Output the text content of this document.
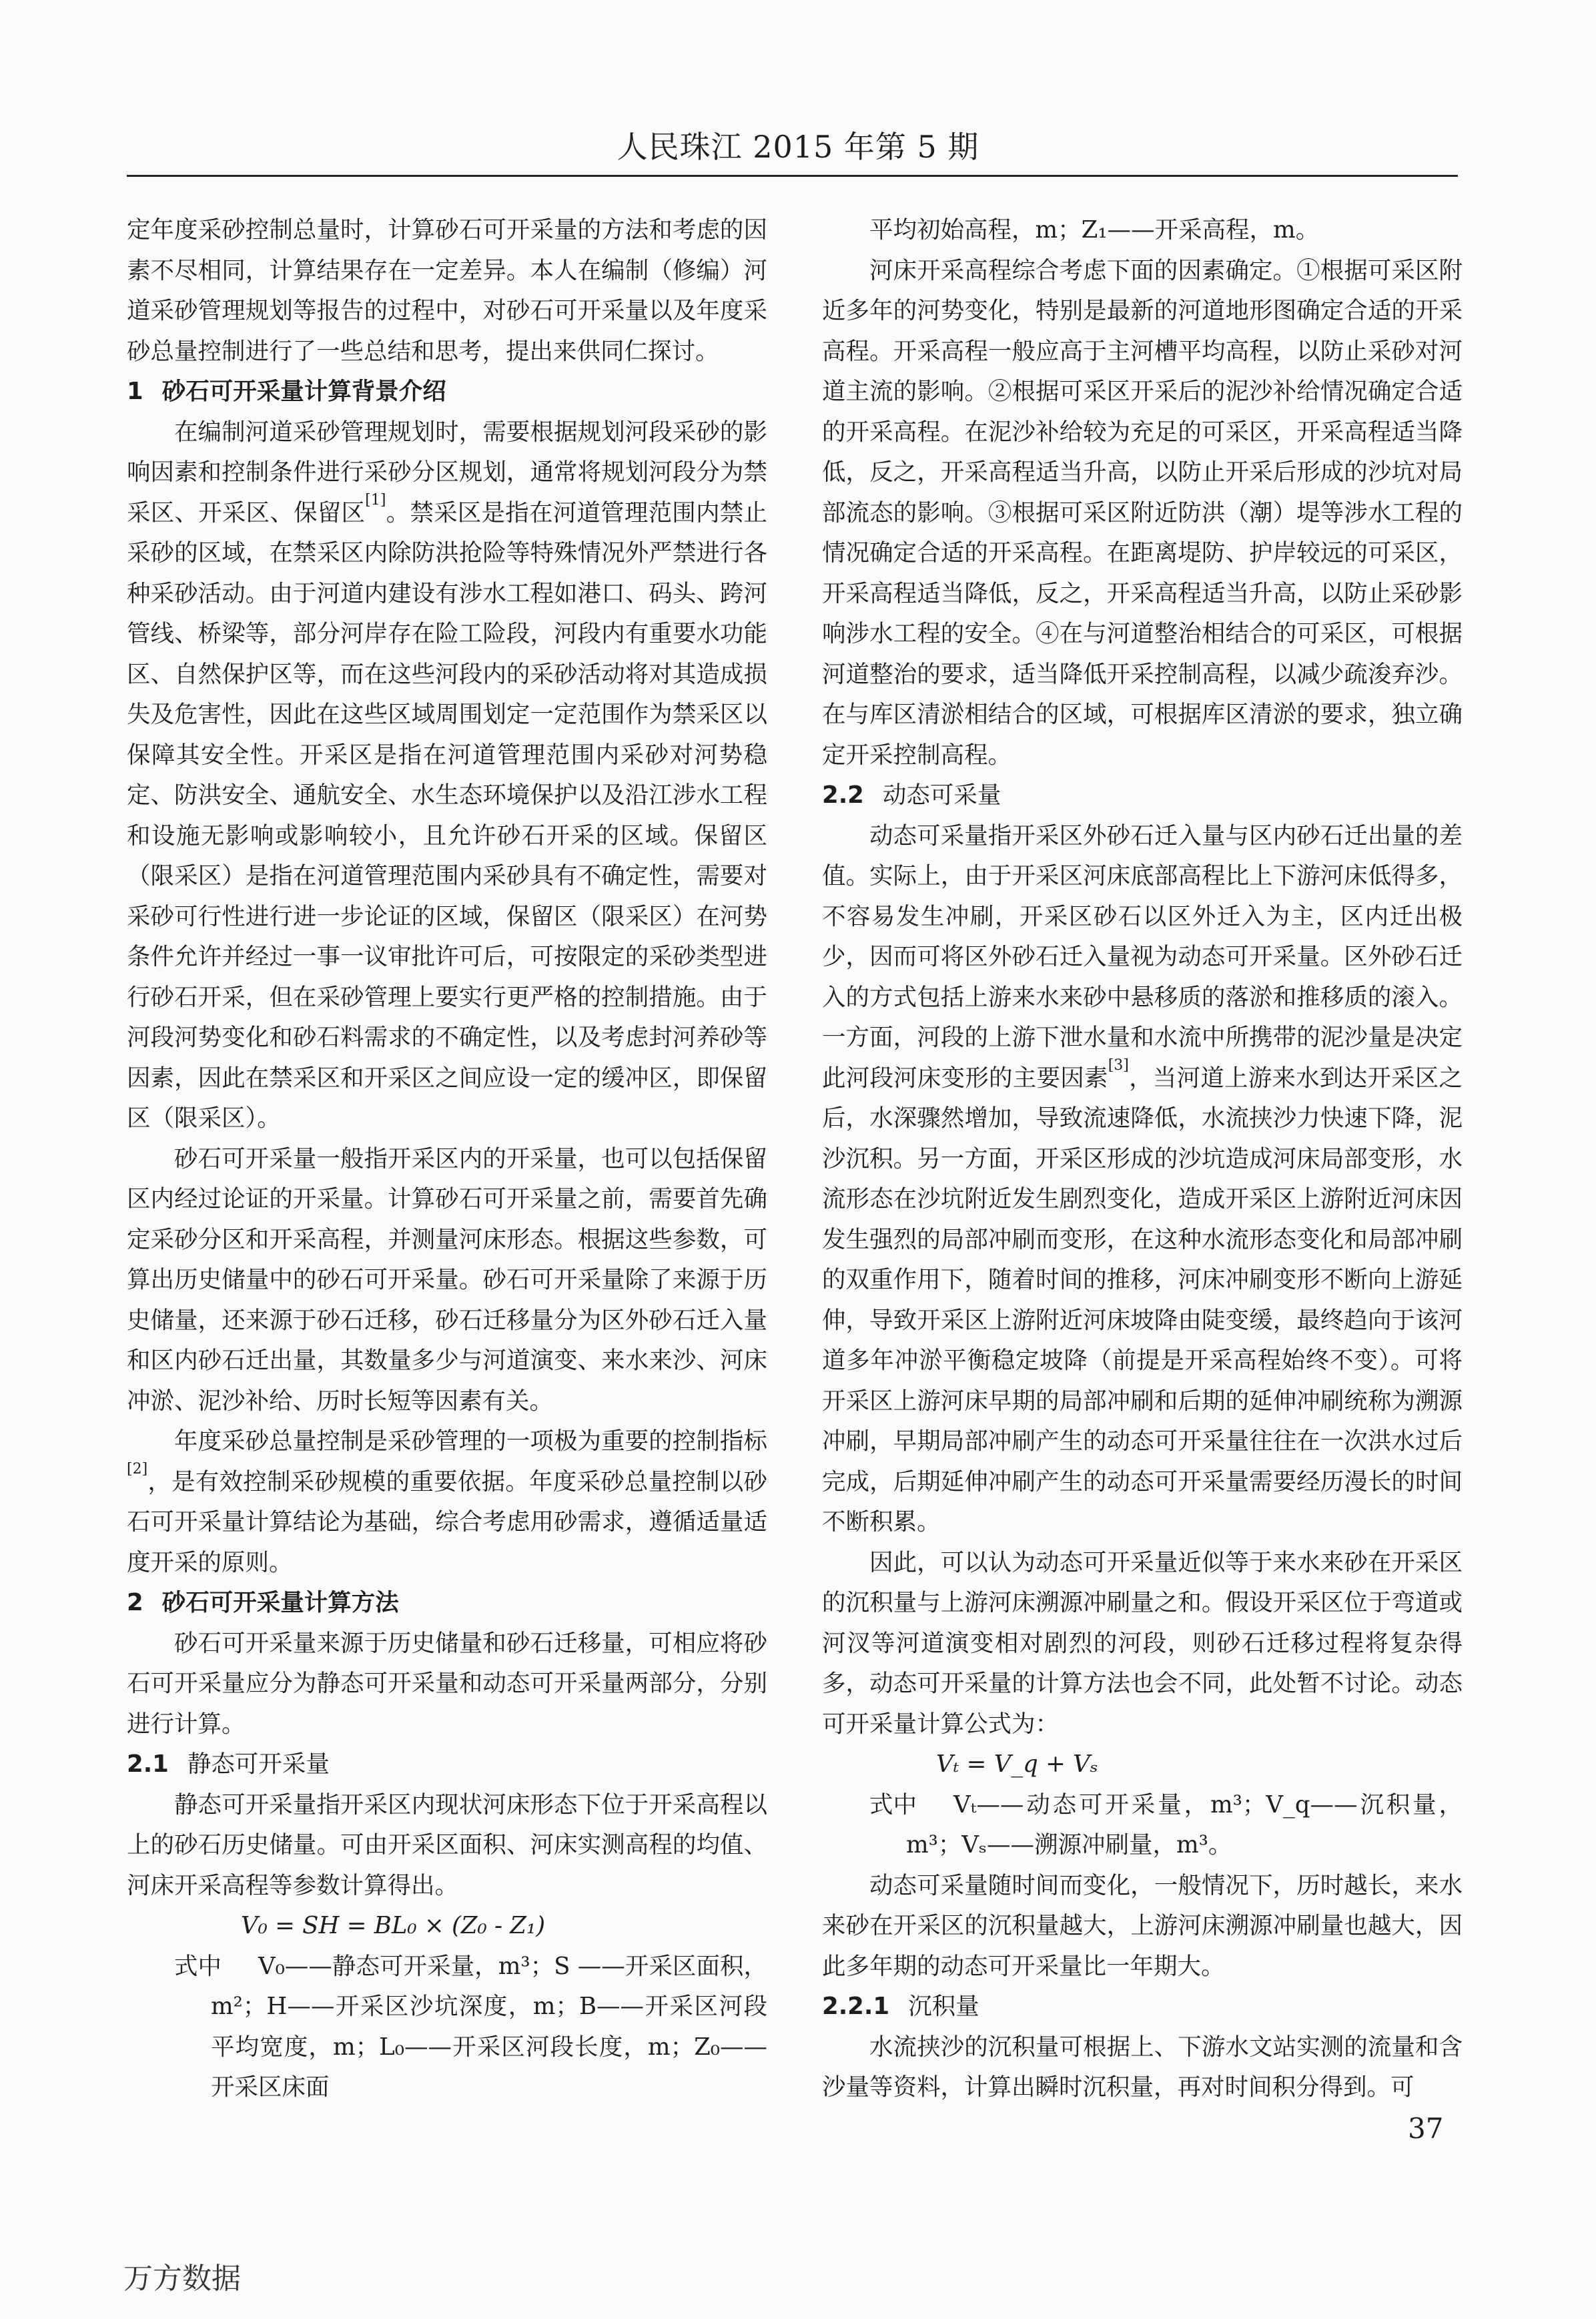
人民珠江 2015 年第 5 期

定年度采砂控制总量时，计算砂石可开采量的方法和考虑的因素不尽相同，计算结果存在一定差异。本人在编制（修编）河道采砂管理规划等报告的过程中，对砂石可开采量以及年度采砂总量控制进行了一些总结和思考，提出来供同仁探讨。

1 砂石可开采量计算背景介绍

在编制河道采砂管理规划时，需要根据规划河段采砂的影响因素和控制条件进行采砂分区规划，通常将规划河段分为禁采区、开采区、保留区[1]。禁采区是指在河道管理范围内禁止采砂的区域，在禁采区内除防洪抢险等特殊情况外严禁进行各种采砂活动。由于河道内建设有涉水工程如港口、码头、跨河管线、桥梁等，部分河岸存在险工险段，河段内有重要水功能区、自然保护区等，而在这些河段内的采砂活动将对其造成损失及危害性，因此在这些区域周围划定一定范围作为禁采区以保障其安全性。开采区是指在河道管理范围内采砂对河势稳定、防洪安全、通航安全、水生态环境保护以及沿江涉水工程和设施无影响或影响较小，且允许砂石开采的区域。保留区（限采区）是指在河道管理范围内采砂具有不确定性，需要对采砂可行性进行进一步论证的区域，保留区（限采区）在河势条件允许并经过一事一议审批许可后，可按限定的采砂类型进行砂石开采，但在采砂管理上要实行更严格的控制措施。由于河段河势变化和砂石料需求的不确定性，以及考虑封河养砂等因素，因此在禁采区和开采区之间应设一定的缓冲区，即保留区（限采区）。

砂石可开采量一般指开采区内的开采量，也可以包括保留区内经过论证的开采量。计算砂石可开采量之前，需要首先确定采砂分区和开采高程，并测量河床形态。根据这些参数，可算出历史储量中的砂石可开采量。砂石可开采量除了来源于历史储量，还来源于砂石迁移，砂石迁移量分为区外砂石迁入量和区内砂石迁出量，其数量多少与河道演变、来水来沙、河床冲淤、泥沙补给、历时长短等因素有关。

年度采砂总量控制是采砂管理的一项极为重要的控制指标[2]，是有效控制采砂规模的重要依据。年度采砂总量控制以砂石可开采量计算结论为基础，综合考虑用砂需求，遵循适量适度开采的原则。

2 砂石可开采量计算方法

砂石可开采量来源于历史储量和砂石迁移量，可相应将砂石可开采量应分为静态可开采量和动态可开采量两部分，分别进行计算。

2.1 静态可开采量

静态可开采量指开采区内现状河床形态下位于开采高程以上的砂石历史储量。可由开采区面积、河床实测高程的均值、河床开采高程等参数计算得出。

V₀ = SH = BL₀ × (Z₀ - Z₁)

式中 V₀——静态可开采量，m³；S ——开采区面积，m²；H——开采区沙坑深度，m；B——开采区河段平均宽度，m；L₀——开采区河段长度，m；Z₀——开采区床面

平均初始高程，m；Z₁——开采高程，m。

河床开采高程综合考虑下面的因素确定。①根据可采区附近多年的河势变化，特别是最新的河道地形图确定合适的开采高程。开采高程一般应高于主河槽平均高程，以防止采砂对河道主流的影响。②根据可采区开采后的泥沙补给情况确定合适的开采高程。在泥沙补给较为充足的可采区，开采高程适当降低，反之，开采高程适当升高，以防止开采后形成的沙坑对局部流态的影响。③根据可采区附近防洪（潮）堤等涉水工程的情况确定合适的开采高程。在距离堤防、护岸较远的可采区，开采高程适当降低，反之，开采高程适当升高，以防止采砂影响涉水工程的安全。④在与河道整治相结合的可采区，可根据河道整治的要求，适当降低开采控制高程，以减少疏浚弃沙。在与库区清淤相结合的区域，可根据库区清淤的要求，独立确定开采控制高程。

2.2 动态可采量

动态可采量指开采区外砂石迁入量与区内砂石迁出量的差值。实际上，由于开采区河床底部高程比上下游河床低得多，不容易发生冲刷，开采区砂石以区外迁入为主，区内迁出极少，因而可将区外砂石迁入量视为动态可开采量。区外砂石迁入的方式包括上游来水来砂中悬移质的落淤和推移质的滚入。一方面，河段的上游下泄水量和水流中所携带的泥沙量是决定此河段河床变形的主要因素[3]，当河道上游来水到达开采区之后，水深骤然增加，导致流速降低，水流挟沙力快速下降，泥沙沉积。另一方面，开采区形成的沙坑造成河床局部变形，水流形态在沙坑附近发生剧烈变化，造成开采区上游附近河床因发生强烈的局部冲刷而变形，在这种水流形态变化和局部冲刷的双重作用下，随着时间的推移，河床冲刷变形不断向上游延伸，导致开采区上游附近河床坡降由陡变缓，最终趋向于该河道多年冲淤平衡稳定坡降（前提是开采高程始终不变）。可将开采区上游河床早期的局部冲刷和后期的延伸冲刷统称为溯源冲刷，早期局部冲刷产生的动态可开采量往往在一次洪水过后完成，后期延伸冲刷产生的动态可开采量需要经历漫长的时间不断积累。

因此，可以认为动态可开采量近似等于来水来砂在开采区的沉积量与上游河床溯源冲刷量之和。假设开采区位于弯道或河汊等河道演变相对剧烈的河段，则砂石迁移过程将复杂得多，动态可开采量的计算方法也会不同，此处暂不讨论。动态可开采量计算公式为：

Vₜ = V_q + Vₛ

式中 Vₜ——动态可开采量，m³；V_q——沉积量，m³；Vₛ——溯源冲刷量，m³。

动态可采量随时间而变化，一般情况下，历时越长，来水来砂在开采区的沉积量越大，上游河床溯源冲刷量也越大，因此多年期的动态可开采量比一年期大。

2.2.1 沉积量

水流挟沙的沉积量可根据上、下游水文站实测的流量和含沙量等资料，计算出瞬时沉积量，再对时间积分得到。可

37
万方数据
